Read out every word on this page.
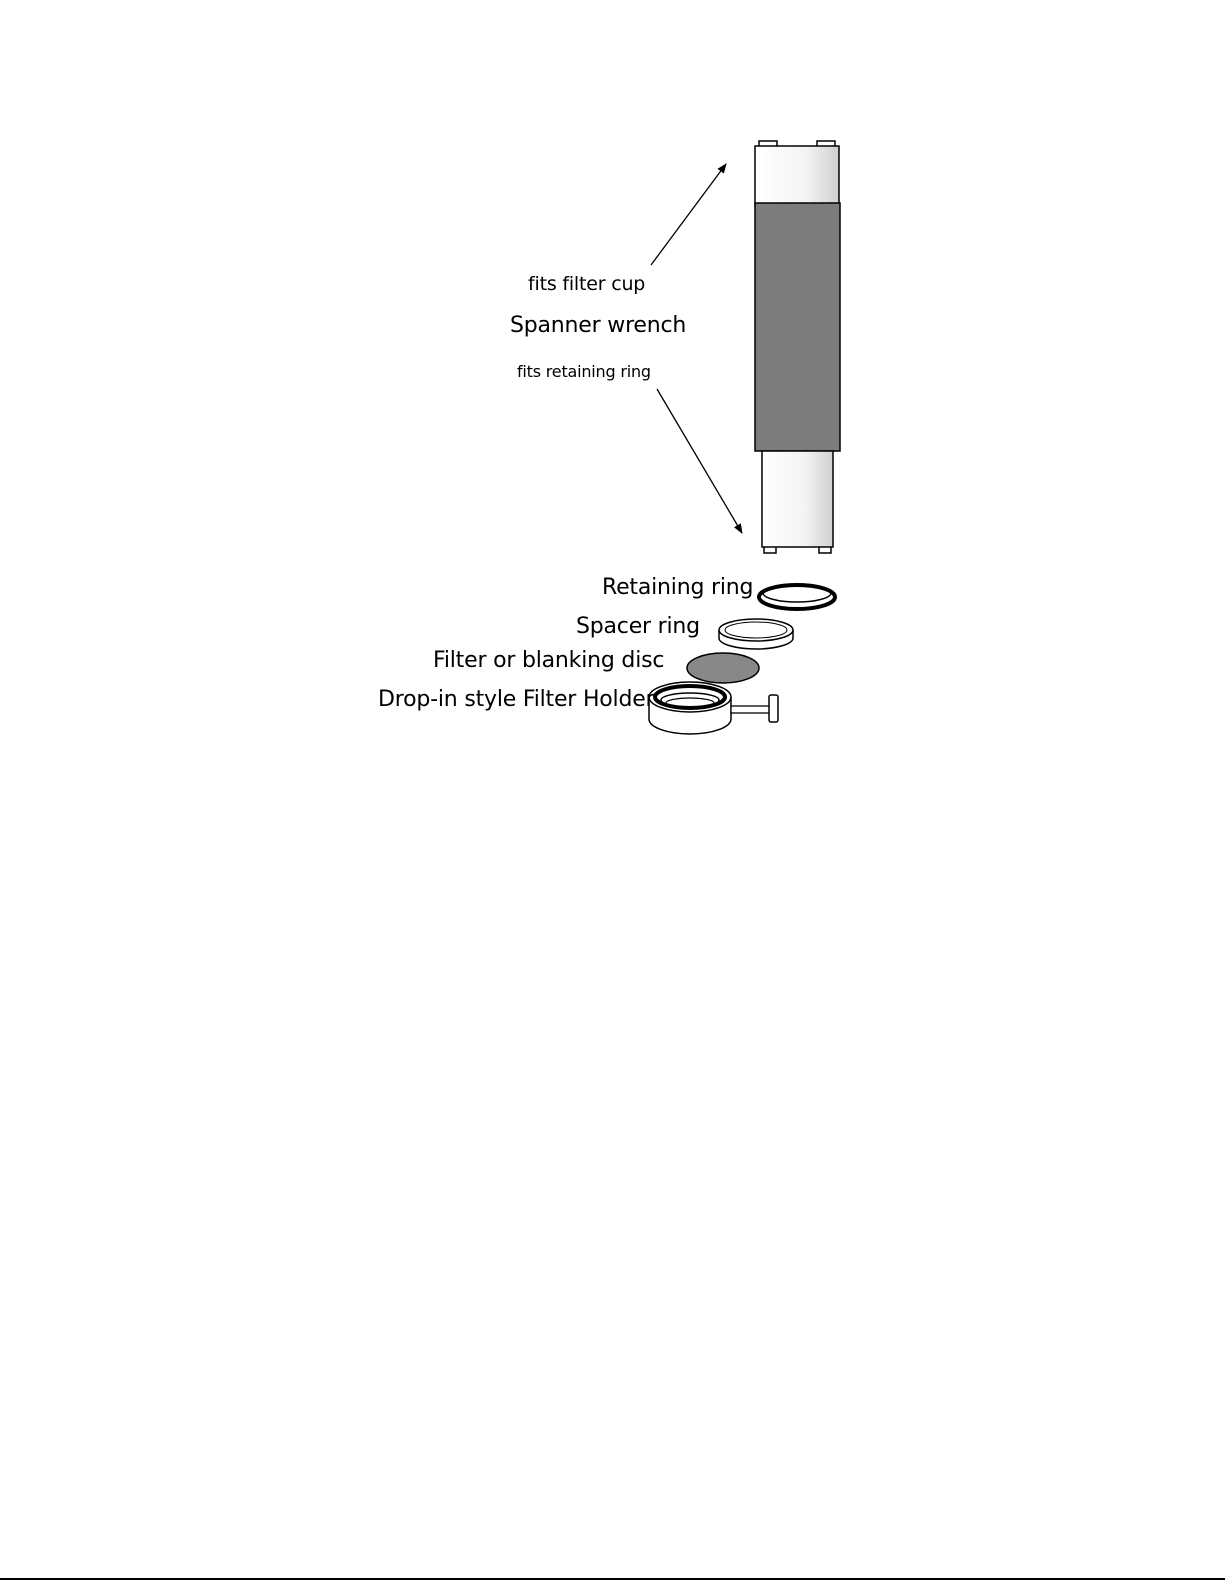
fits filter cup
Spanner wrench
fits retaining ring
Retaining ring
Spacer ring
Filter or blanking disc
Drop-in style Filter Holder
